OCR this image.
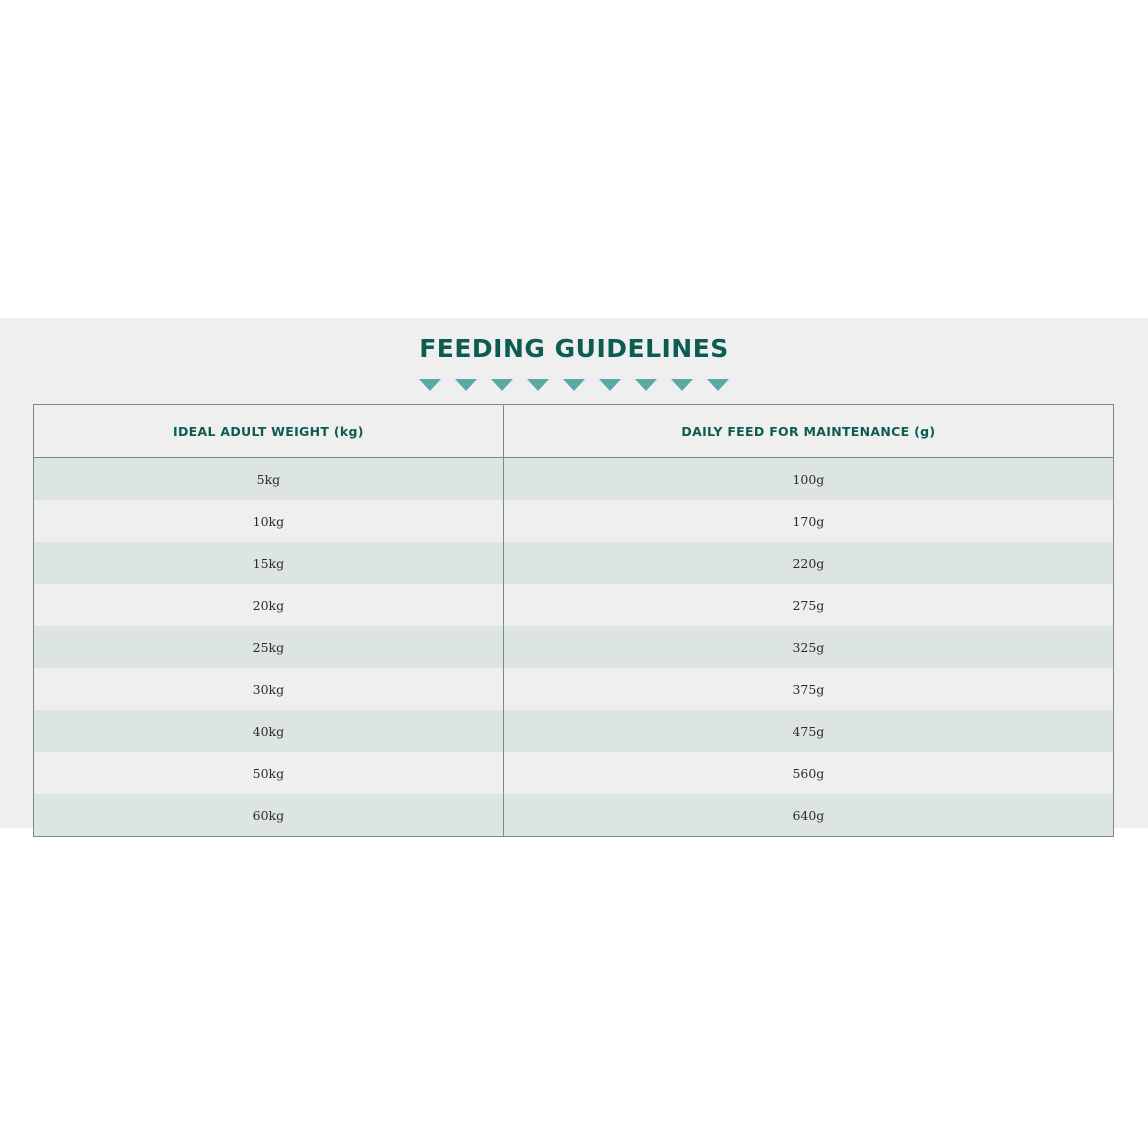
FEEDING GUIDELINES
IDEAL ADULT WEIGHT (kg)	DAILY FEED FOR MAINTENANCE (g)
5kg	100g
10kg	170g
15kg	220g
20kg	275g
25kg	325g
30kg	375g
40kg	475g
50kg	560g
60kg	640g
